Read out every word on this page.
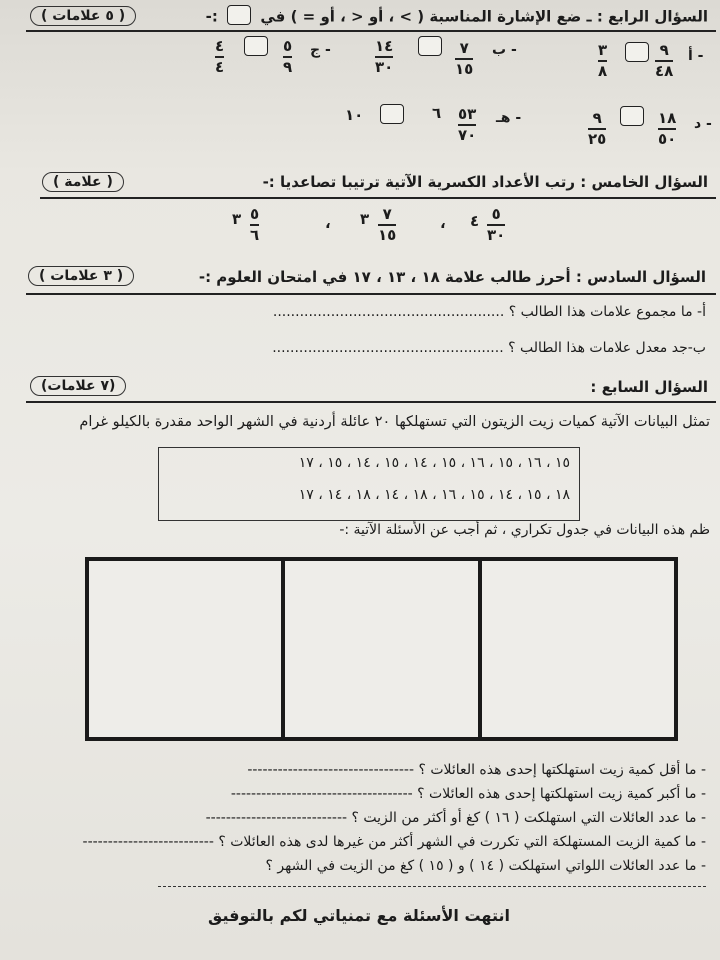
( ٥ علامات )	السؤال الرابع : ـ ضع الإشارة المناسبة ( > ، أو < ، أو = ) في  :-
أ -
٩
٤٨
٣
٨
ب -
٧
١٥
١٤
٣٠
ج -
٥
٩
٤
٤
د -
١٨
٥٠
٩
٢٥
هـ -
٥٣
٧٠
٦
١٠
السؤال الخامس : رتب الأعداد الكسرية الآتية ترتيبا تصاعديا :-
( علامة )
٤ ٥
٣٠
،
٣ ٧
١٥
،
٣ ٥
٦
السؤال السادس : أحرز طالب علامة ١٨ ، ١٣ ، ١٧ في امتحان العلوم :-
( ٣ علامات )
أ- ما مجموع علامات هذا الطالب ؟ ....................................................
ب-جد معدل علامات هذا الطالب ؟ ....................................................
السؤال السابع :
(٧ علامات)
تمثل البيانات الآتية كميات زيت الزيتون التي تستهلكها ٢٠ عائلة أردنية في الشهر الواحد مقدرة بالكيلو غرام
١٥ ، ١٦ ، ١٥ ، ١٦ ، ١٥ ، ١٤ ، ١٥ ، ١٤ ، ١٥ ، ١٧
١٨ ، ١٥ ، ١٤ ، ١٥ ، ١٦ ، ١٨ ، ١٤ ، ١٨ ، ١٤ ، ١٧
ظم هذه البيانات في جدول تكراري ، ثم أجب عن الأسئلة الآتية :-
- ما أقل كمية زيت استهلكتها إحدى هذه العائلات ؟ ---------------------------------
- ما أكبر كمية زيت استهلكتها إحدى هذه العائلات ؟ ------------------------------------
- ما عدد العائلات التي استهلكت ( ١٦ ) كغ أو أكثر من الزيت ؟ ----------------------------
- ما كمية الزيت المستهلكة التي تكررت في الشهر أكثر من غيرها لدى هذه العائلات ؟ --------------------------
- ما عدد العائلات اللواتي استهلكت ( ١٤ ) و ( ١٥ ) كغ من الزيت في الشهر ؟
انتهت الأسئلة مع تمنياتي لكم بالتوفيق
